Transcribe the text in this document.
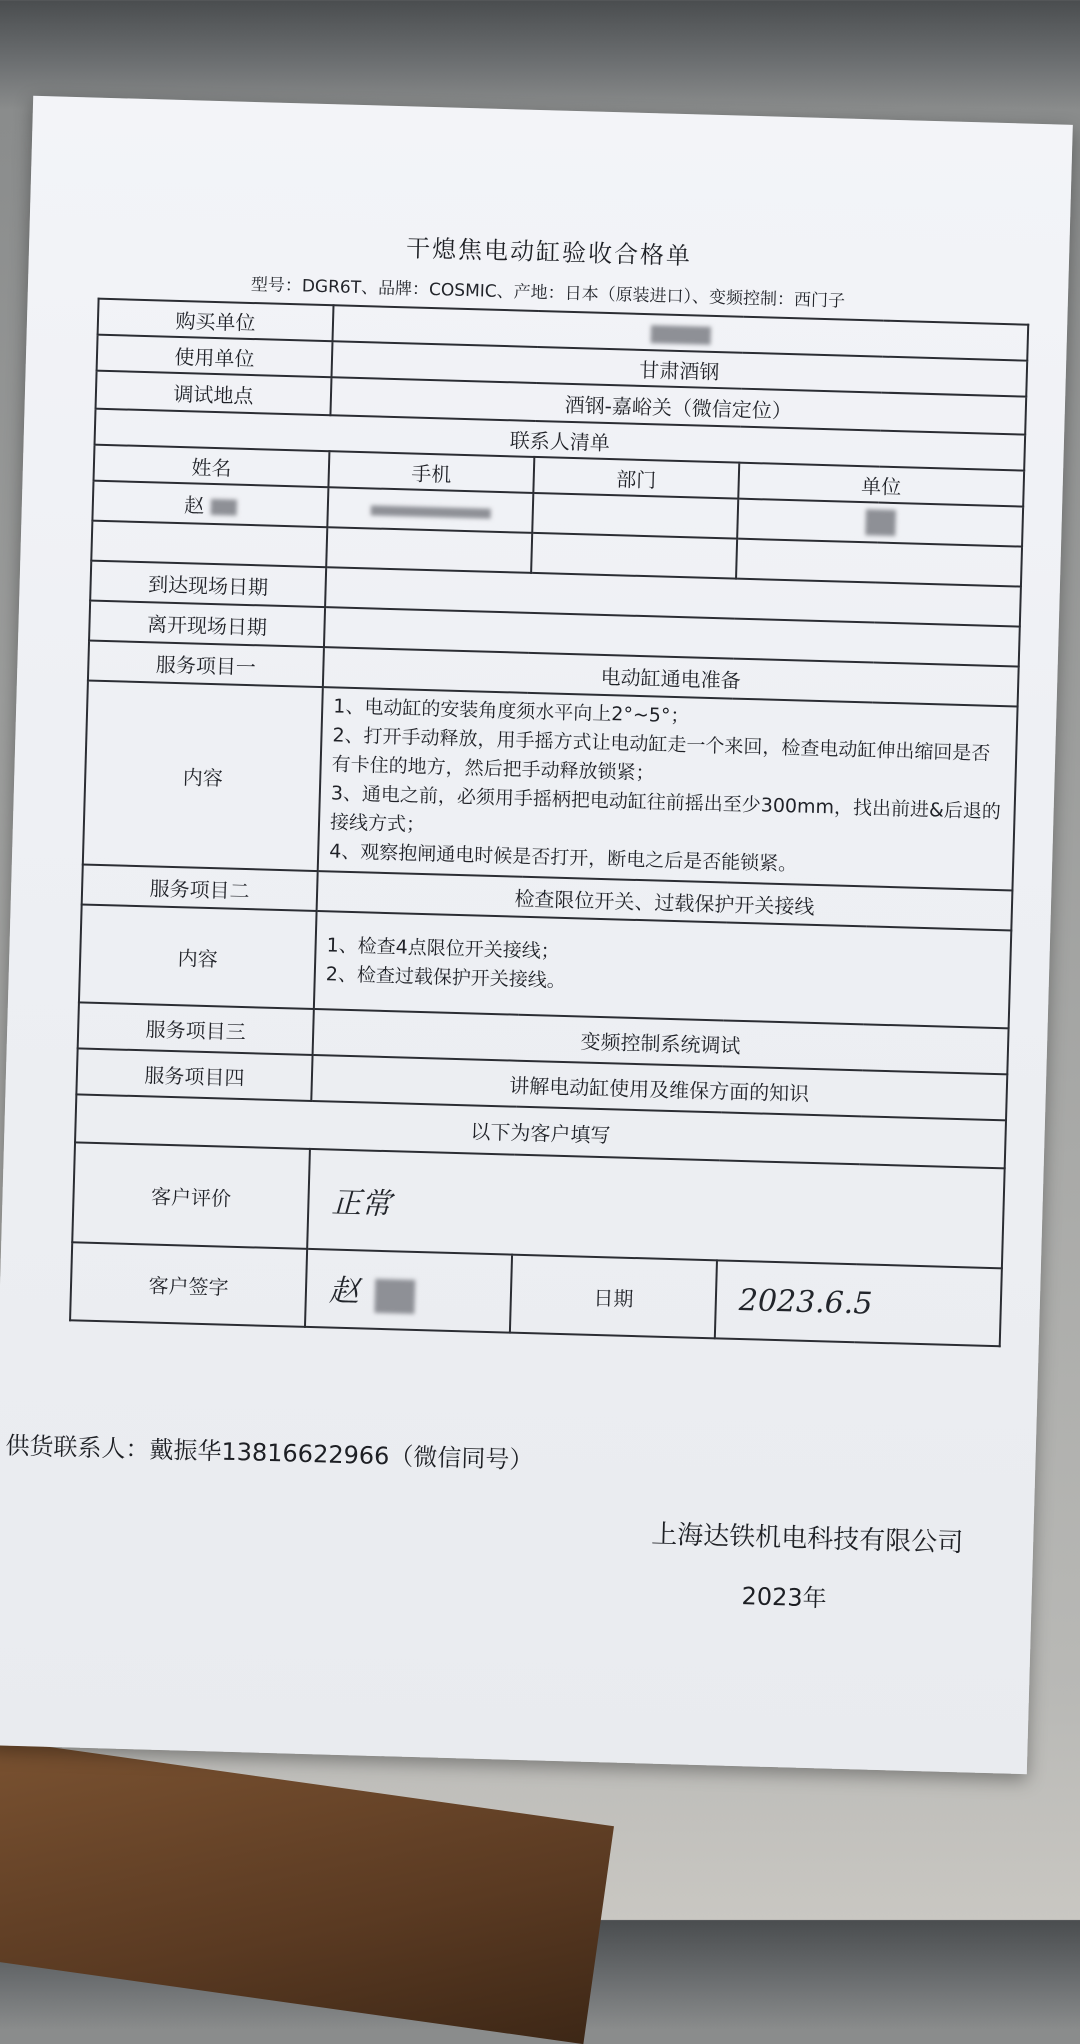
干熄焦电动缸验收合格单
型号：DGR6T、品牌：COSMIC、产地：日本（原装进口）、变频控制：西门子
购买单位			
使用单位	甘肃酒钢		
调试地点	酒钢-嘉峪关（微信定位）		
联系人清单			
姓名	手机	部门	单位
赵			

到达现场日期			
离开现场日期			
服务项目一	电动缸通电准备		
内容	1、电动缸的安装角度须水平向上2°~5°；
2、打开手动释放，用手摇方式让电动缸走一个来回，检查电动缸伸出缩回是否有卡住的地方，然后把手动释放锁紧；
3、通电之前，必须用手摇柄把电动缸往前摇出至少300mm，找出前进&后退的接线方式；
4、观察抱闸通电时候是否打开，断电之后是否能锁紧。		

服务项目二	检查限位开关、过载保护开关接线		
内容	1、检查4点限位开关接线；
2、检查过载保护开关接线。		

服务项目三	变频控制系统调试		
服务项目四	讲解电动缸使用及维保方面的知识		
以下为客户填写			
客户评价	正常		
客户签字	赵	日期	2023.6.5
供货联系人：戴振华13816622966（微信同号）
上海达铁机电科技有限公司
2023年
